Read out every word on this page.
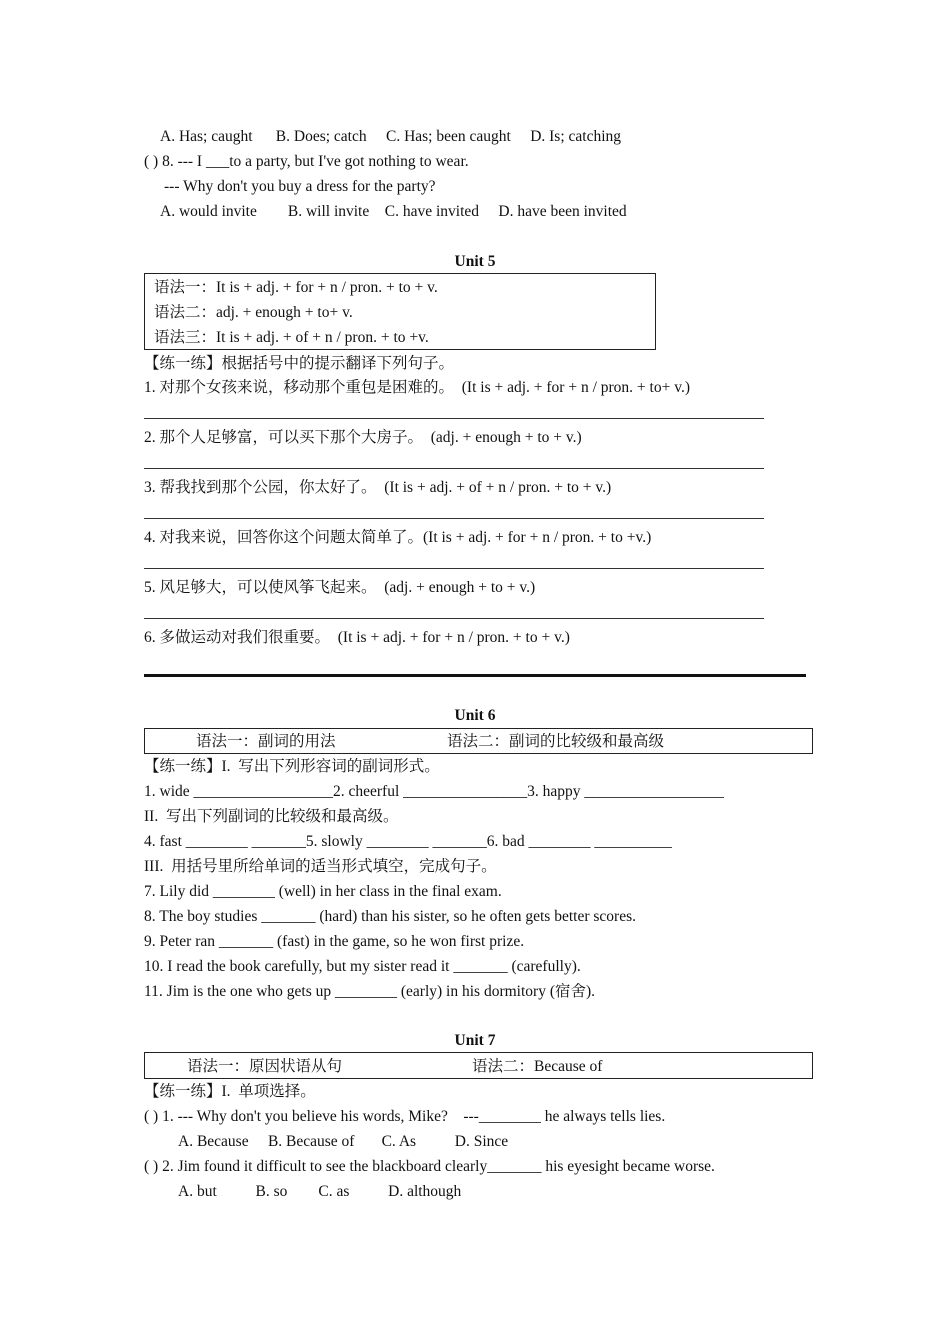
A. Has; caught      B. Does; catch     C. Has; been caught     D. Is; catching
( ) 8. --- I ___to a party, but I've got nothing to wear.
--- Why don't you buy a dress for the party?
A. would invite        B. will invite    C. have invited     D. have been invited
Unit 5
语法一：It is + adj. + for + n / pron. + to + v.
语法二：adj. + enough + to+ v.
语法三：It is + adj. + of + n / pron. + to +v.
【练一练】根据括号中的提示翻译下列句子。
1. 对那个女孩来说，移动那个重包是困难的。  (It is + adj. + for + n / pron. + to+ v.)
2. 那个人足够富，可以买下那个大房子。  (adj. + enough + to + v.)
3. 帮我找到那个公园，你太好了。  (It is + adj. + of + n / pron. + to + v.)
4. 对我来说，回答你这个问题太简单了。(It is + adj. + for + n / pron. + to +v.)
5. 风足够大，可以使风筝飞起来。  (adj. + enough + to + v.)
6. 多做运动对我们很重要。  (It is + adj. + for + n / pron. + to + v.)
Unit 6
语法一：副词的用法	语法二：副词的比较级和最高级
【练一练】I.  写出下列形容词的副词形式。
1. wide __________________2. cheerful ________________3. happy __________________
II.  写出下列副词的比较级和最高级。
4. fast ________ _______5. slowly ________ _______6. bad ________ __________
III.  用括号里所给单词的适当形式填空，完成句子。
7. Lily did ________ (well) in her class in the final exam.
8. The boy studies _______ (hard) than his sister, so he often gets better scores.
9. Peter ran _______ (fast) in the game, so he won first prize.
10. I read the book carefully, but my sister read it _______ (carefully).
11. Jim is the one who gets up ________ (early) in his dormitory (宿舍).
Unit 7
语法一：原因状语从句	语法二：Because of
【练一练】I.  单项选择。
( ) 1. --- Why don't you believe his words, Mike?    ---________ he always tells lies.
A. Because     B. Because of       C. As          D. Since
( ) 2. Jim found it difficult to see the blackboard clearly_______ his eyesight became worse.
A. but          B. so        C. as          D. although
